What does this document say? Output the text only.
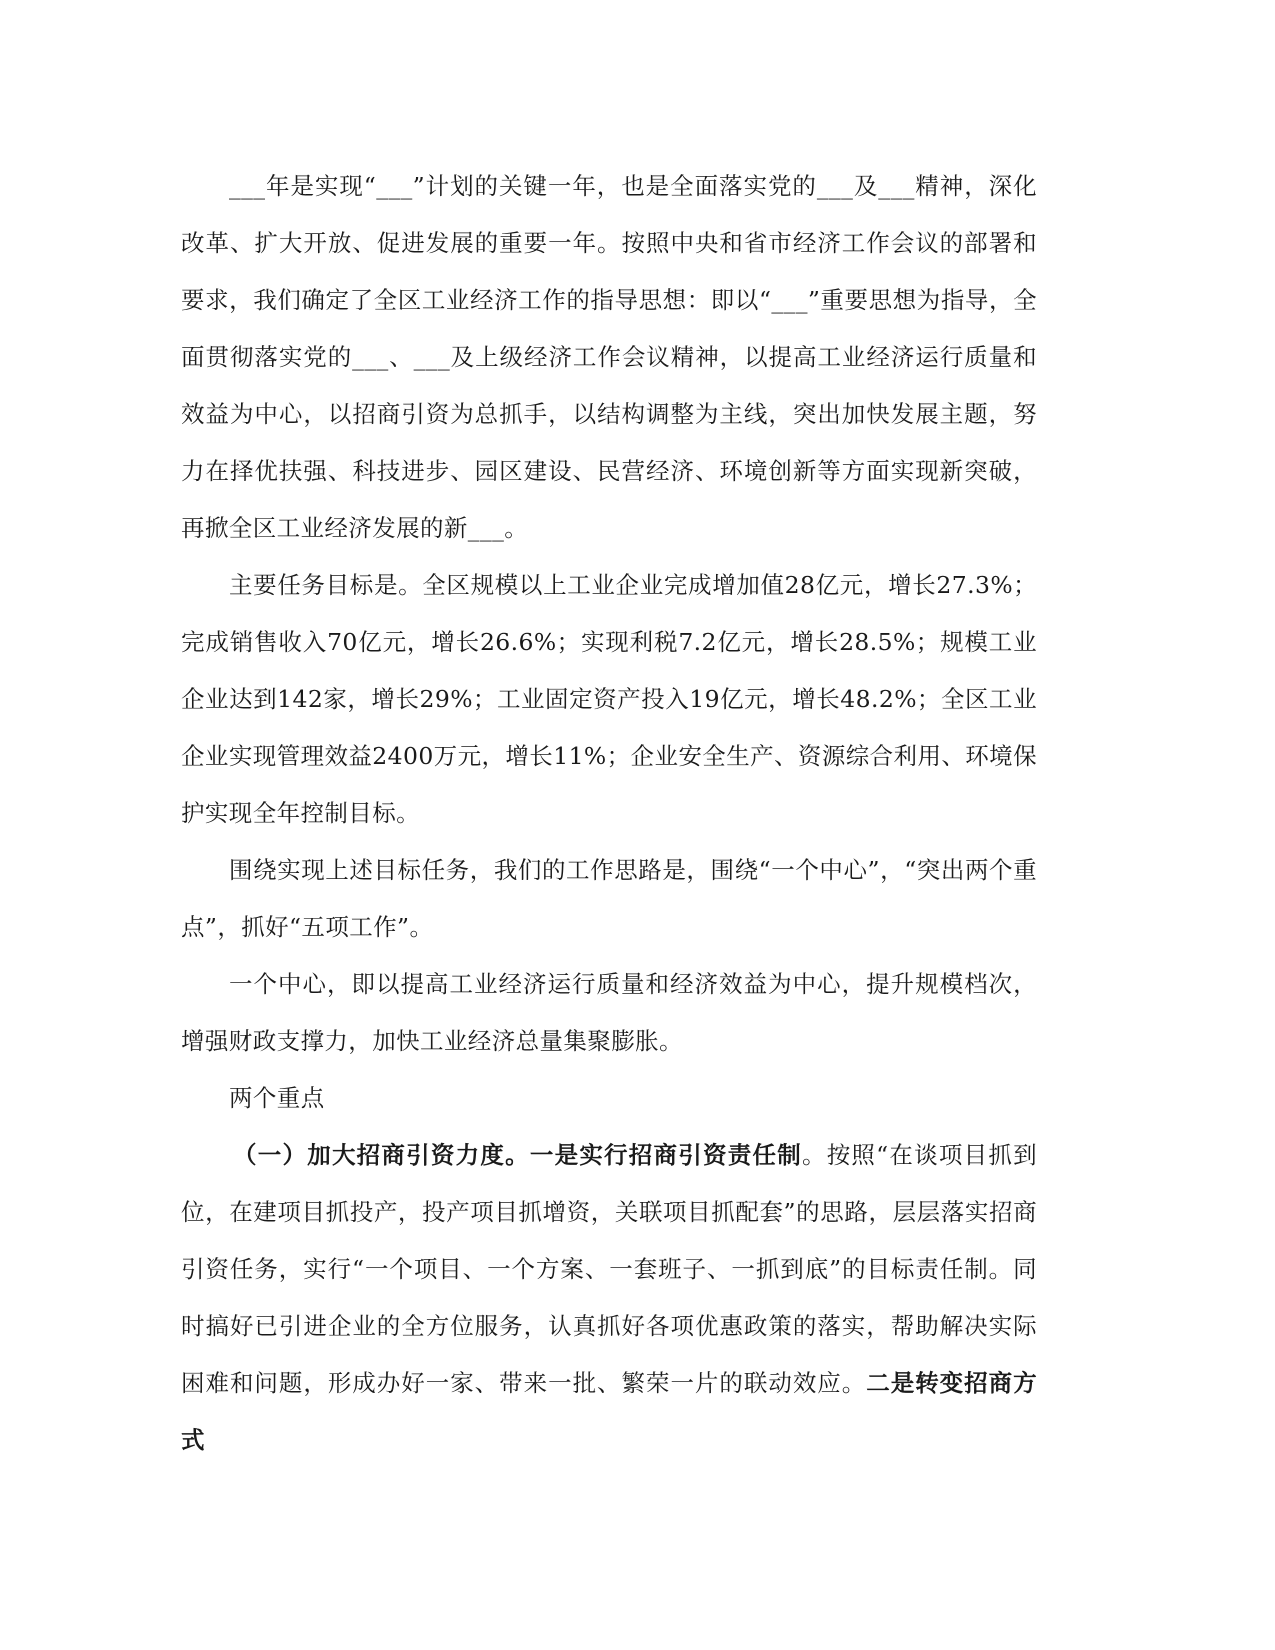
___年是实现“___”计划的关键一年，也是全面落实党的___及___精神，深化改革、扩大开放、促进发展的重要一年。按照中央和省市经济工作会议的部署和要求，我们确定了全区工业经济工作的指导思想：即以“___”重要思想为指导，全面贯彻落实党的___、___及上级经济工作会议精神，以提高工业经济运行质量和效益为中心，以招商引资为总抓手，以结构调整为主线，突出加快发展主题，努力在择优扶强、科技进步、园区建设、民营经济、环境创新等方面实现新突破，再掀全区工业经济发展的新___。

主要任务目标是。全区规模以上工业企业完成增加值28亿元，增长27.3%；完成销售收入70亿元，增长26.6%；实现利税7.2亿元，增长28.5%；规模工业企业达到142家，增长29%；工业固定资产投入19亿元，增长48.2%；全区工业企业实现管理效益2400万元，增长11%；企业安全生产、资源综合利用、环境保护实现全年控制目标。

围绕实现上述目标任务，我们的工作思路是，围绕“一个中心”，“突出两个重点”，抓好“五项工作”。

一个中心，即以提高工业经济运行质量和经济效益为中心，提升规模档次，增强财政支撑力，加快工业经济总量集聚膨胀。

两个重点

（一）加大招商引资力度。一是实行招商引资责任制。按照“在谈项目抓到位，在建项目抓投产，投产项目抓增资，关联项目抓配套”的思路，层层落实招商引资任务，实行“一个项目、一个方案、一套班子、一抓到底”的目标责任制。同时搞好已引进企业的全方位服务，认真抓好各项优惠政策的落实，帮助解决实际困难和问题，形成办好一家、带来一批、繁荣一片的联动效应。二是转变招商方式
